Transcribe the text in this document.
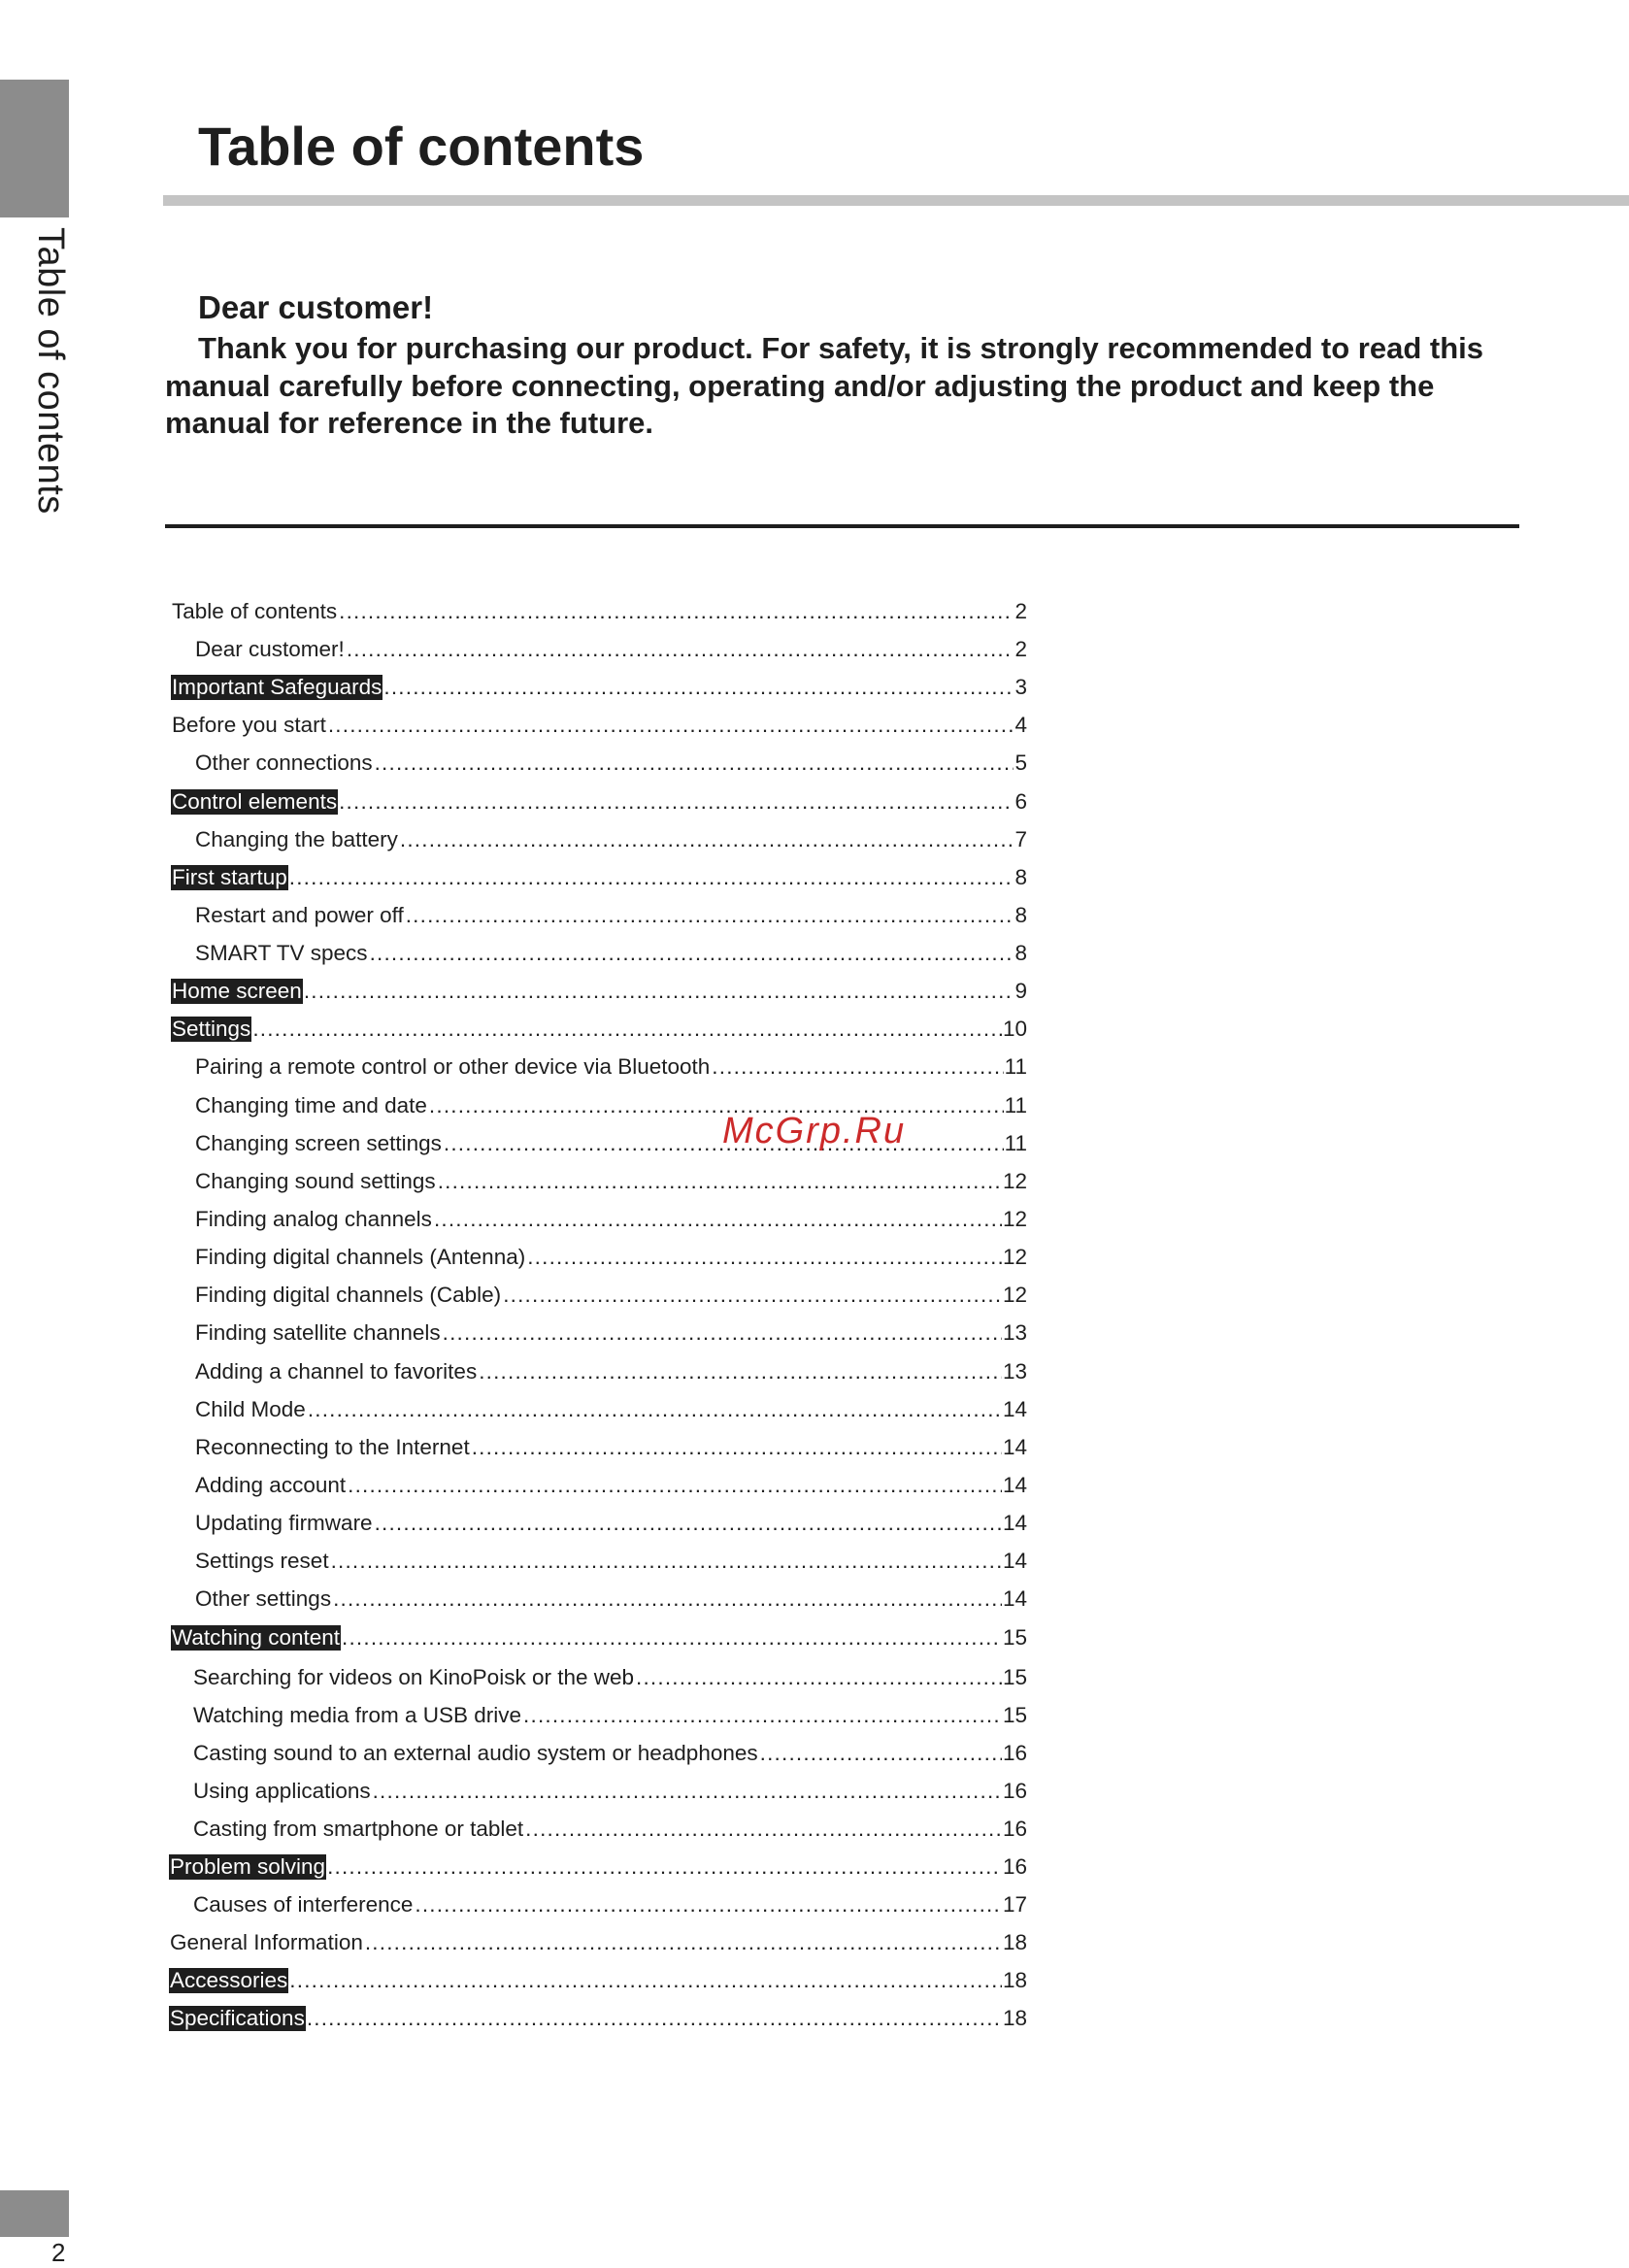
Table of contents
2
Table of contents
Dear customer!

Thank you for purchasing our product. For safety, it is strongly recommended to read this manual carefully before connecting, operating and/or adjusting the product and keep the manual for reference in the future.

Table of contents .....	2
Dear customer! .....	2
Important Safeguards .....	3
Before you start .....	4
Other connections .....	5
Control elements .....	6
Changing the battery .....	7
First startup .....	8
Restart and power off .....	8
SMART TV specs .....	8
Home screen .....	9
Settings .....	10
Pairing a remote control or other device via Bluetooth .....	11
Changing time and date .....	11
Changing screen settings .....	11
Changing sound settings .....	12
Finding analog channels .....	12
Finding digital channels (Antenna) .....	12
Finding digital channels (Cable) .....	12
Finding satellite channels .....	13
Adding a channel to favorites .....	13
Child Mode .....	14
Reconnecting to the Internet .....	14
Adding account .....	14
Updating firmware .....	14
Settings reset .....	14
Other settings .....	14
Watching content .....	15
Searching for videos on KinoPoisk or the web .....	15
Watching media from a USB drive .....	15
Casting sound to an external audio system or headphones .....	16
Using applications .....	16
Casting from smartphone or tablet .....	16
Problem solving .....	16
Causes of interference .....	17
General Information .....	18
Accessories .....	18
Specifications .....	18
McGrp.Ru
